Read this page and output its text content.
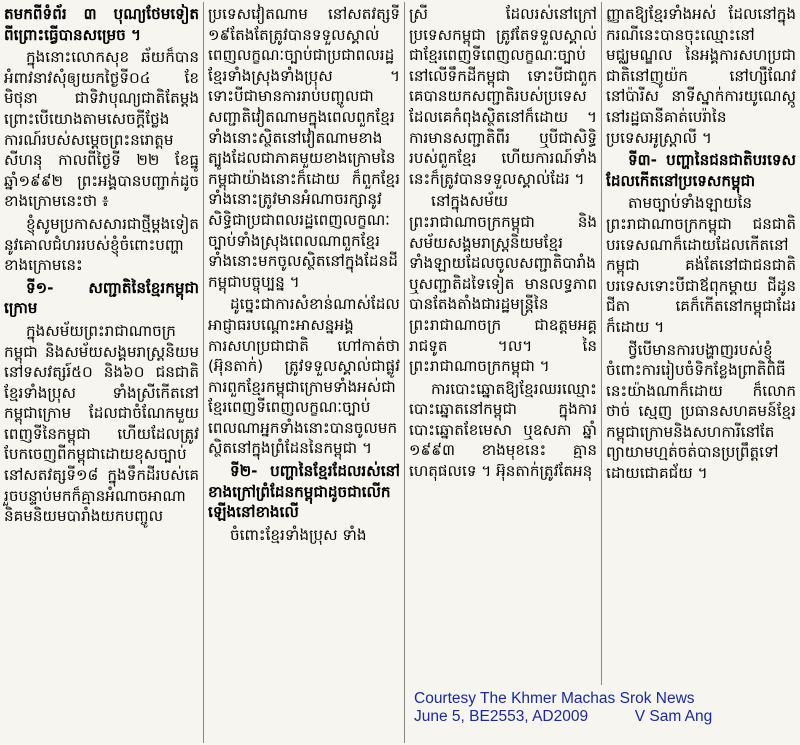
តមកពីទំព័រ ៣ បុណ្យថែមទៀត ពីព្រោះធ្វើបានសម្រេច ។

ក្នុងនោះលោកសុខ ឆ័យក៏បានអំពាវនាវសុំឲ្យយកថ្ងៃទី០៤ ខែមិថុនា ជាទិវាបុណ្យជាតិតែម្ដងព្រោះបើយោងតាមសេចក្ដីថ្លែងការណ៍របស់សម្ដេចព្រះនរោត្ដម សីហនុ កាលពីថ្ងៃទី ២២ ខែធ្នូ ឆ្នាំ១៩៩២ ព្រះអង្គបានបញ្ជាក់ដូចខាងក្រោមនេះថា ៖

ខ្ញុំសូមប្រកាសសារជាថ្មីម្ដងទៀត នូវគោលជំហររបស់ខ្ញុំចំពោះបញ្ហាខាងក្រោមនេះ

ទី១- សញ្ជាតិនៃខ្មែរកម្ពុជាក្រោម

ក្នុងសម័យព្រះរាជាណាចក្រកម្ពុជា និងសម័យសង្គមរាស្ត្រនិយម នៅទសវត្សរ៍៥០ និង៦០ ជនជាតិខ្មែរទាំងប្រុស ទាំងស្រីកើតនៅកម្ពុជាក្រោម ដែលជាចំណែកមួយពេញទីនៃកម្ពុជា ហើយដែលត្រូវបែកចេញពីកម្ពុជាដោយខុសច្បាប់នៅសតវត្សទី១៨ ក្នុងទឹកដីរបស់គេ រួចបន្ទាប់មកក៏គ្មានអំណាចអាណានិគមនិយមបារាំងយកបញ្ចូល

ប្រទេសវៀតណាម នៅសតវត្សទី ១៩តែងតែត្រូវបានទទួលស្គាល់ពេញលក្ខណៈច្បាប់ជាប្រជាពលរដ្ឋខ្មែរទាំងស្រុងទាំងប្រុស ។ ទោះបីជាមានការរាប់បញ្ចូលជាសញ្ជាតិវៀតណាមក្នុងពេលពួកខ្មែរទាំងនោះស្ថិតនៅវៀតណាមខាងត្បូងដែលជាភាគមួយខាងក្រោមនៃកម្ពុជាយ៉ាងនោះក៏ដោយ ក៏ពួកខ្មែរទាំងនោះត្រូវមានអំណាចរក្សានូវសិទ្ធិជាប្រជាពលរដ្ឋពេញលក្ខណៈច្បាប់ទាំងស្រុងពេលណាពួកខ្មែរទាំងនោះមកចូលស្ថិតនៅក្នុងដែនដីកម្ពុជាបច្ចុប្បន្ន ។

ដូច្នេះជាការសំខាន់ណាស់ដែលអាជ្ញាធរបណ្ដោះអាសន្នអង្គការសហប្រជាជាតិ ហៅកាត់ថា (អ៊ុនតាក់) ត្រូវទទួលស្គាល់ជាផ្លូវការពួកខ្មែរកម្ពុជាក្រោមទាំងអស់ជាខ្មែរពេញទីពេញលក្ខណៈច្បាប់ ពេលណាអ្នកទាំងនោះបានចូលមកស្ថិតនៅក្នុងព្រំដែននៃកម្ពុជា ។

ទី២- បញ្ហានៃខ្មែរដែលរស់នៅខាងក្រៅព្រំដែនកម្ពុជាដូចជាលើកឡើងនៅខាងលើ

ចំពោះខ្មែរទាំងប្រុស ទាំង

ស្រី ដែលរស់នៅក្រៅប្រទេសកម្ពុជា ត្រូវតែទទួលស្គាល់ជាខ្មែរពេញទីពេញលក្ខណៈច្បាប់ នៅលើទឹកដីកម្ពុជា ទោះបីជាពួកគេបានយកសញ្ជាតិរបស់ប្រទេសដែលគេកំពុងស្ថិតនៅក៏ដោយ ។ ការមានសញ្ជាតិពីរ ឬបីជាសិទ្ធិរបស់ពួកខ្មែរ ហើយការណ៍ទាំងនេះក៏ត្រូវបានទទួលស្គាល់ដែរ ។

នៅក្នុងសម័យព្រះរាជាណាចក្រកម្ពុជា និងសម័យសង្គមរាស្ត្រនិយមខ្មែរទាំងឡាយដែលចូលសញ្ជាតិបារាំង ឬសញ្ជាតិដទៃទៀត មានលទ្ធភាពបានតែងតាំងជារដ្ឋមន្ត្រីនៃព្រះរាជាណាចក្រ ជាឧត្តមអគ្គរាជទូត ។ល។ នៃព្រះរាជាណាចក្រកម្ពុជា ។

ការបោះឆ្នោតឱ្យខ្មែរឈរឈ្មោះបោះឆ្នោតនៅកម្ពុជា ក្នុងការបោះឆ្នោតខែមេសា ឬឧសភា ឆ្នាំ ១៩៩៣ ខាងមុខនេះ គ្មានហេតុផលទេ ។ អ៊ុនតាក់ត្រូវតែអនុ

ញ្ញាតឱ្យខ្មែរទាំងអស់ ដែលនៅក្នុងករណីនេះបានចុះឈ្មោះនៅមជ្ឈមណ្ឌល នៃអង្គការសហប្រជាជាតិនៅញូយ៉ក នៅហ្សឺណែវ នៅប៉ារីស នាទីស្នាក់ការយូណេស្កូនៅរដ្ឋធានីគាត់បេរ៉ានៃប្រទេសអូស្ត្រាលី ។

ទី៣- បញ្ហានៃជនជាតិបរទេសដែលកើតនៅប្រទេសកម្ពុជា

តាមច្បាប់ទាំងឡាយនៃព្រះរាជាណាចក្រកម្ពុជា ជនជាតិបរទេសណាក៏ដោយដែលកើតនៅកម្ពុជា គង់តែនៅជាជនជាតិបរទេសទោះបីជាឪពុកម្ដាយ ជីដូន ជីតា គេក៏កើតនៅកម្ពុជាដែរក៏ដោយ ។

ថ្វីបើមានការបង្ហាញរបស់ខ្ញុំចំពោះការរៀបចំទិកខ្លែងព្រាតិពិធីនេះយ៉ាងណាក៏ដោយ ក៏លោក ថាច់ ស្មេញ ប្រធានសហគមន៍ខ្មែរកម្ពុជាក្រោមនិងសហការីនៅតែព្យាយាមហ្មត់ចត់បានប្រព្រឹត្តទៅដោយជោគជ័យ ។

Courtesy The Khmer Machas Srok News
June 5, BE2553, AD2009	V Sam Ang
